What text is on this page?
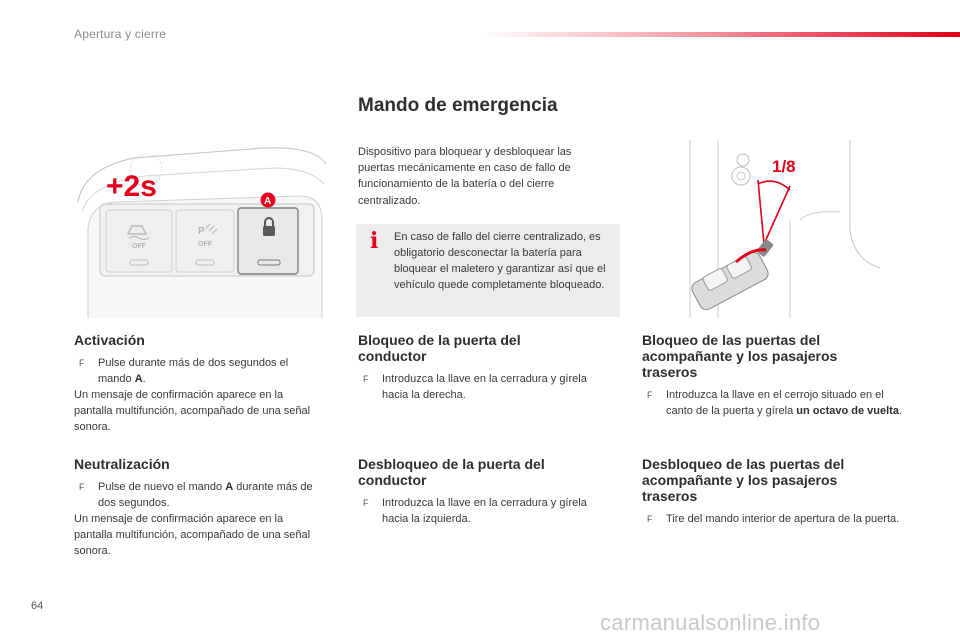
Apertura y cierre
Mando de emergencia
Dispositivo para bloquear y desbloquear las puertas mecánicamente en caso de fallo de funcionamiento de la batería o del cierre centralizado.
i En caso de fallo del cierre centralizado, es obligatorio desconectar la batería para bloquear el maletero y garantizar así que el vehículo quede completamente bloqueado.
OFF
P
OFF
+2s	A
1/8
Activación
F Pulse durante más de dos segundos el mando A.
Un mensaje de confirmación aparece en la pantalla multifunción, acompañado de una señal sonora.
Neutralización
F Pulse de nuevo el mando A durante más de dos segundos.
Un mensaje de confirmación aparece en la pantalla multifunción, acompañado de una señal sonora.
Bloqueo de la puerta del conductor
F Introduzca la llave en la cerradura y gírela hacia la derecha.
Desbloqueo de la puerta del conductor
F Introduzca la llave en la cerradura y gírela hacia la izquierda.
Bloqueo de las puertas del acompañante y los pasajeros traseros
F Introduzca la llave en el cerrojo situado en el canto de la puerta y gírela un octavo de vuelta.
Desbloqueo de las puertas del acompañante y los pasajeros traseros
F Tire del mando interior de apertura de la puerta.
64
carmanualsonline.info
